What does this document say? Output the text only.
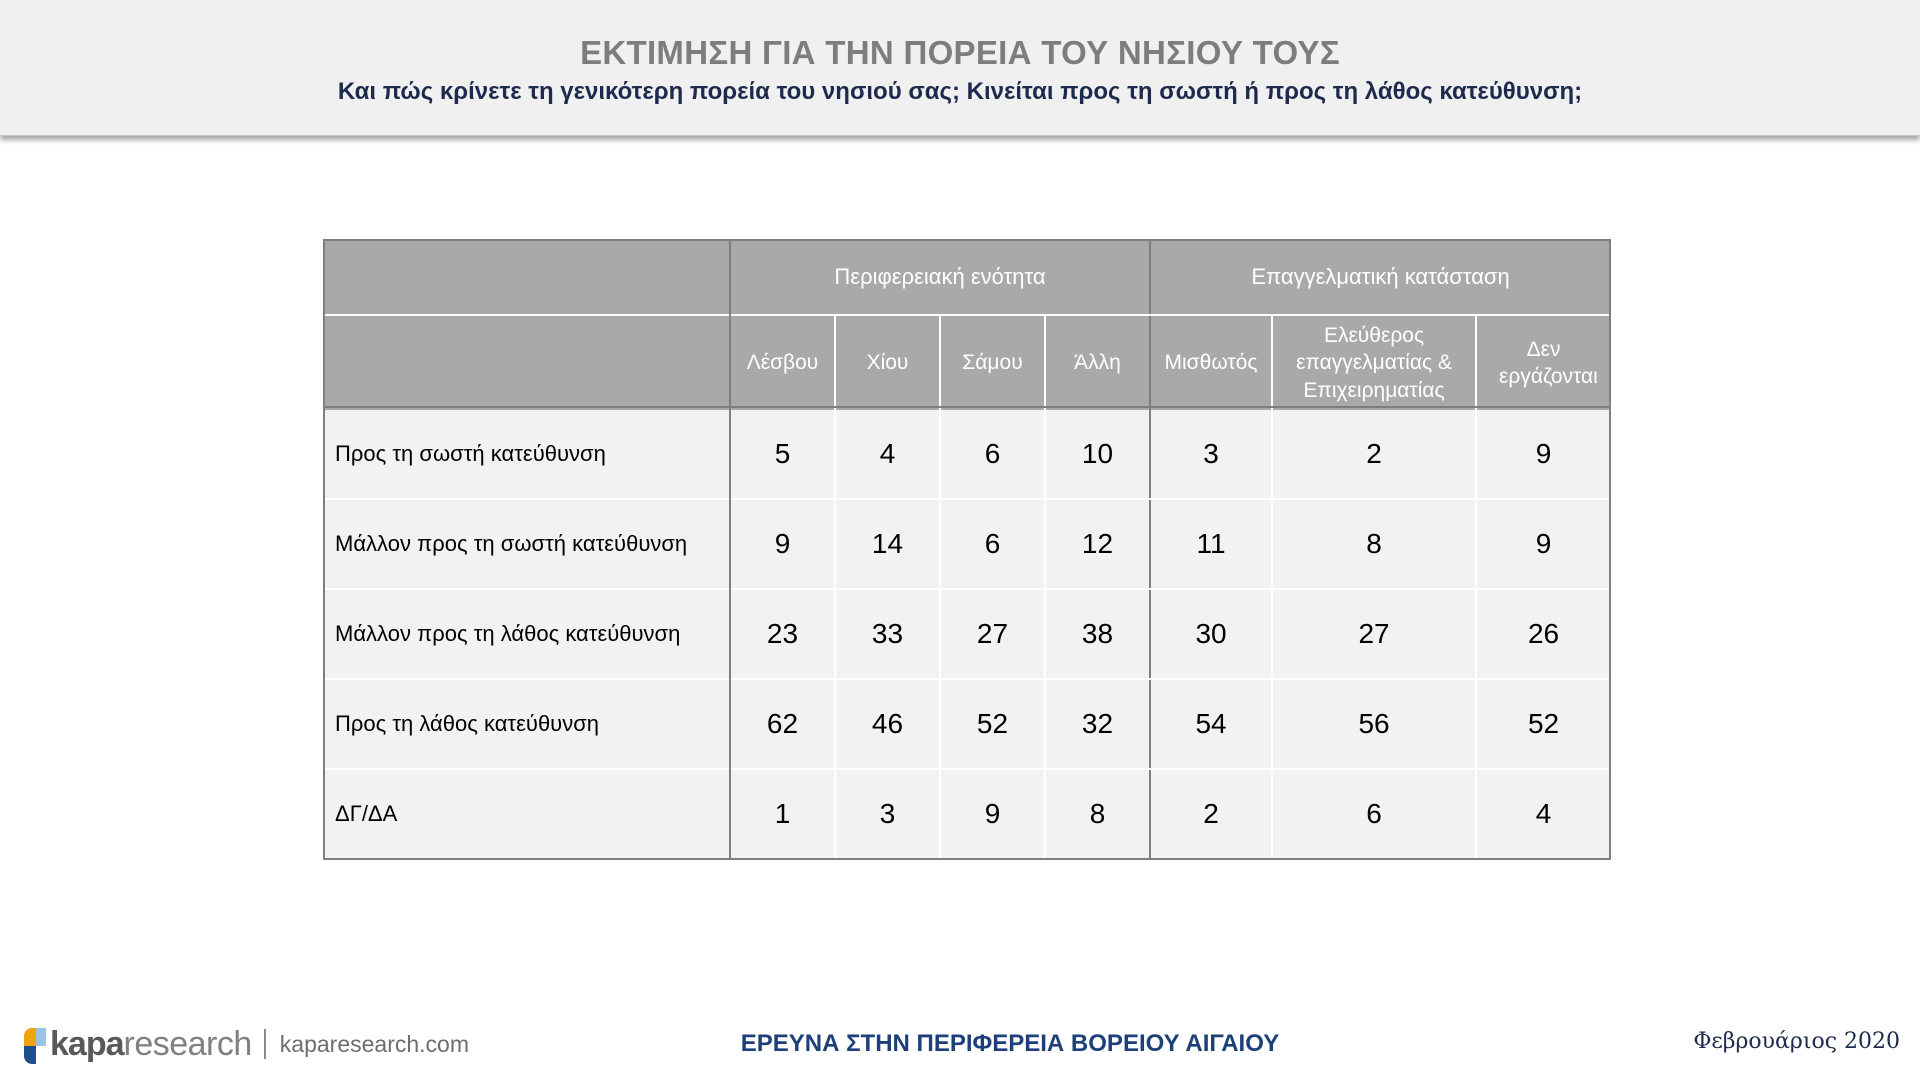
ΕΚΤΙΜΗΣΗ ΓΙΑ ΤΗΝ ΠΟΡΕΙΑ ΤΟΥ ΝΗΣΙΟΥ ΤΟΥΣ
Και πώς κρίνετε τη γενικότερη πορεία του νησιού σας; Κινείται προς τη σωστή ή προς τη λάθος κατεύθυνση;
	Περιφερειακή ενότητα				Επαγγελματική κατάσταση		
	Λέσβου	Χίου	Σάμου	Άλλη	Μισθωτός	Ελεύθερος επαγγελματίας & Επιχειρηματίας	Δεν εργάζονται
Προς τη σωστή κατεύθυνση	5	4	6	10	3	2	9
Μάλλον προς τη σωστή κατεύθυνση	9	14	6	12	11	8	9
Μάλλον προς τη λάθος κατεύθυνση	23	33	27	38	30	27	26
Προς τη λάθος κατεύθυνση	62	46	52	32	54	56	52
ΔΓ/ΔΑ	1	3	9	8	2	6	4
kapa research kaparesearch.com	ΕΡΕΥΝΑ ΣΤΗΝ ΠΕΡΙΦΕΡΕΙΑ ΒΟΡΕΙΟΥ ΑΙΓΑΙΟΥ	Φεβρουάριος 2020
